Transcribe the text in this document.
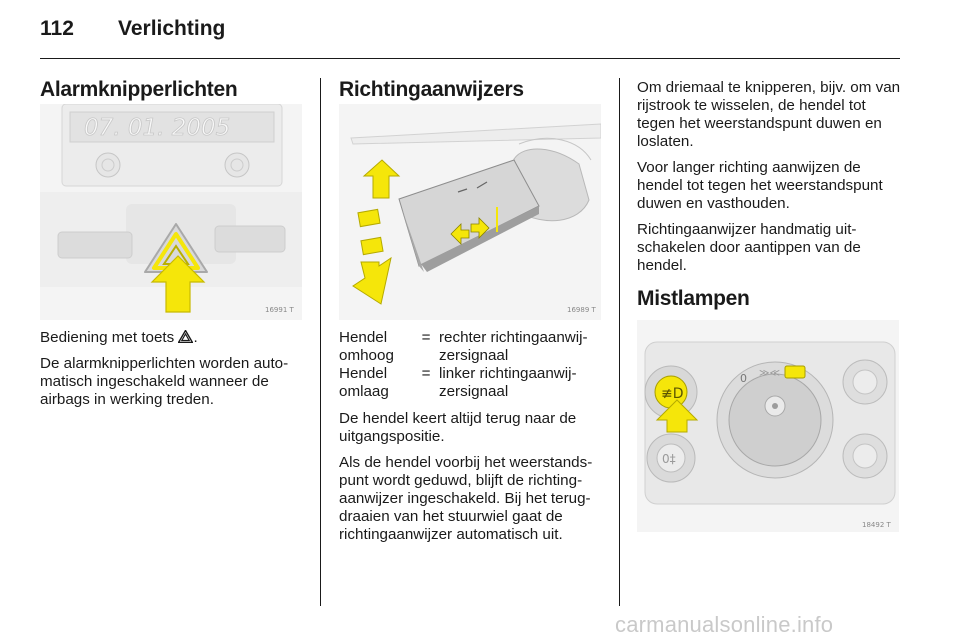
112 Verlichting
Alarmknipperlichten
07. 01. 2005
16991 T

Bediening met toets .

De alarmknipperlichten worden auto-matisch ingeschakeld wanneer de airbags in werking treden.

Richtingaanwijzers
16989 T
Hendel omhoog	=	rechter richtingaanwij-zersignaal
Hendel omlaag	=	linker richtingaanwij-zersignaal

De hendel keert altijd terug naar de uitgangspositie.

Als de hendel voorbij het weerstands-punt wordt geduwd, blijft de richting-aanwijzer ingeschakeld. Bij het terug-draaien van het stuurwiel gaat de richtingaanwijzer automatisch uit.

Om driemaal te knipperen, bijv. om van rijstrook te wisselen, de hendel tot tegen het weerstandspunt duwen en loslaten.

Voor langer richting aanwijzen de hendel tot tegen het weerstandspunt duwen en vasthouden.

Richtingaanwijzer handmatig uit-schakelen door aantippen van de hendel.

Mistlampen
≢D
0‡
0 ≫≪
18492 T
carmanualsonline.info
